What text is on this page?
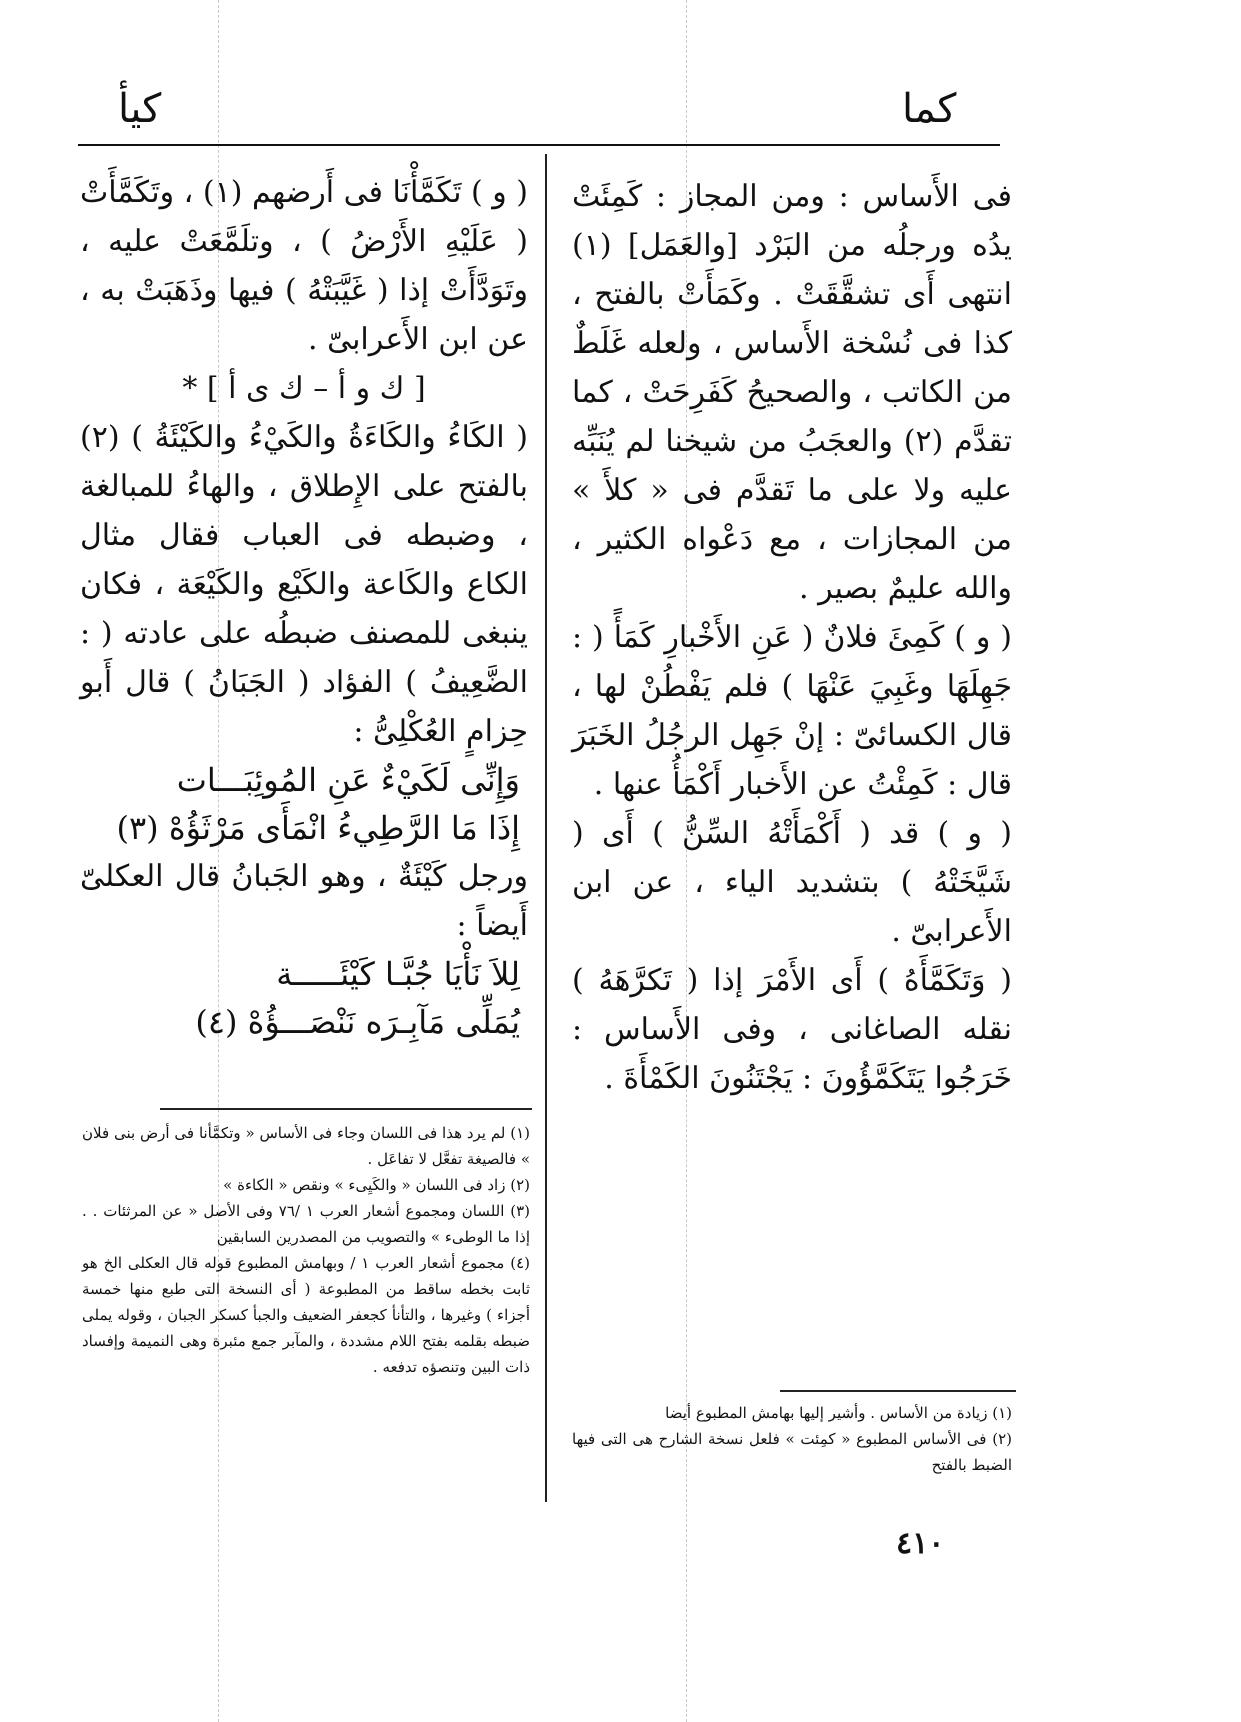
كما
كيأ

فى الأَساس : ومن المجاز : كَمِئَتْ يدُه ورجلُه من البَرْد [والعَمَل] (١) انتهى أَى تشقَّقَتْ . وكَمَأَتْ بالفتح ، كذا فى نُسْخة الأَساس ، ولعله غَلَطٌ من الكاتب ، والصحيحُ كَفَرِحَتْ ، كما تقدَّم (٢) والعجَبُ من شيخنا لم يُنَبِّه عليه ولا على ما تَقدَّم فى « كلأَ » من المجازات ، مع دَعْواه الكثير ، والله عليمٌ بصير .

( و ) كَمِئَ فلانٌ ( عَنِ الأَخْبارِ كَمَأً ( : جَهِلَهَا وغَبِيَ عَنْهَا ) فلم يَفْطُنْ لها ، قال الكسائىّ : إنْ جَهِل الرجُلُ الخَبَرَ قال : كَمِئْتُ عن الأَخبار أَكْمَأُ عنها .

( و ) قد ( أَكْمَأَتْهُ السِّنُّ ) أَى ( شَيَّخَتْهُ ) بتشديد الياء ، عن ابن الأَعرابىّ .

( وَتَكَمَّأَهُ ) أَى الأَمْرَ إذا ( تَكرَّهَهُ ) نقله الصاغانى ، وفى الأَساس : خَرَجُوا يَتَكَمَّؤُونَ : يَجْتَنُونَ الكَمْأَةَ .

( و ) تَكَمَّأْنَا فى أَرضهم (١) ، وتَكَمَّأَتْ ( عَلَيْهِ الأَرْضُ ) ، وتلَمَّعَتْ عليه ، وتَوَدَّأَتْ إذا ( غَيَّبَتْهُ ) فيها وذَهَبَتْ به ، عن ابن الأَعرابىّ .

[ ك و أ – ك ى أ ] *

( الكَاءُ والكَاءَةُ والكَيْءُ والكَيْئَةُ ) (٢) بالفتح على الإِطلاق ، والهاءُ للمبالغة ، وضبطه فى العباب فقال مثال الكاع والكَاعة والكَيْع والكَيْعَة ، فكان ينبغى للمصنف ضبطُه على عادته ( : الضَّعِيفُ ) الفؤاد ( الجَبَانُ ) قال أَبو حِزامٍ العُكْلِىُّ :

وَإِنِّى لَكَيْءٌ عَنِ المُوئِبَـــات

إِذَا مَا الرَّطِيءُ انْمَأَى مَرْثَؤُهْ (٣)

ورجل كَيْئَةٌ ، وهو الجَبانُ قال العكلىّ أَيضاً :

لِلاَ نَأْيَا جُبَّـا كَيْئَـــــة

يُمَلِّى مَآبِـرَه نَنْصَـــؤُهْ (٤)

(١) لم يرد هذا فى اللسان وجاء فى الأساس « وتكمَّأنا فى أرض بنى فلان » فالصيغة تفعَّل لا تفاعَل .

(٢) زاد فى اللسان « والكَيِىء » ونقص « الكاءة »

(٣) اللسان ومجموع أشعار العرب ١ /٧٦ وفى الأصل « عن المرثئات . . إذا ما الوطىء » والتصويب من المصدرين السابقين

(٤) مجموع أشعار العرب ١ / وبهامش المطبوع قوله قال العكلى الخ هو ثابت بخطه ساقط من المطبوعة ( أى النسخة التى طبع منها خمسة أجزاء ) وغيرها ، والتأنأ كجعفر الضعيف والجبأ كسكر الجبان ، وقوله يملى ضبطه بقلمه بفتح اللام مشددة ، والمآبر جمع مئبرة وهى النميمة وإفساد ذات البين وتنصؤه تدفعه .

(١) زيادة من الأساس . وأشير إليها بهامش المطبوع أيضا

(٢) فى الأساس المطبوع « كمِئت » فلعل نسخة الشارح هى التى فيها الضبط بالفتح

٤١٠
